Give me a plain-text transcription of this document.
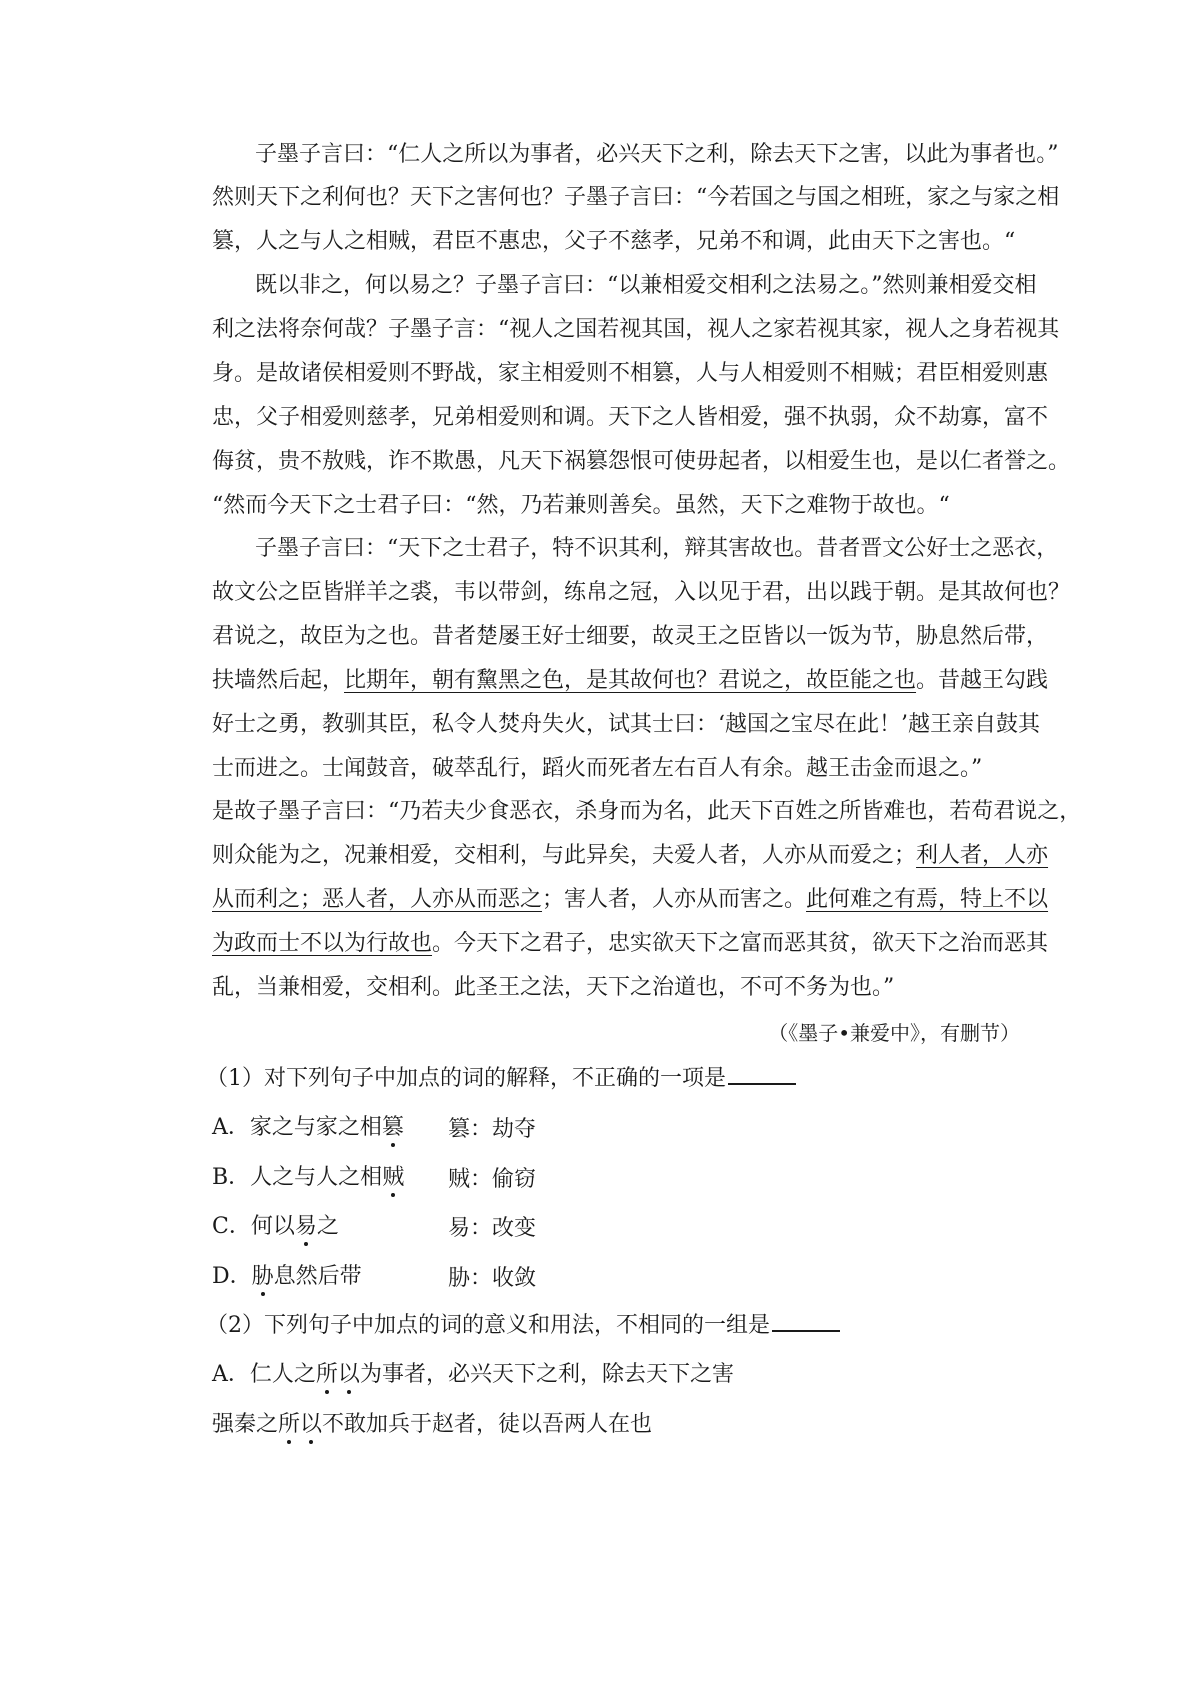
子墨子言曰：“仁人之所以为事者，必兴天下之利，除去天下之害，以此为事者也。”
然则天下之利何也？天下之害何也？子墨子言曰：“今若国之与国之相班，家之与家之相
篡，人之与人之相贼，君臣不惠忠，父子不慈孝，兄弟不和调，此由天下之害也。“
既以非之，何以易之？子墨子言曰：“以兼相爱交相利之法易之。”然则兼相爱交相
利之法将奈何哉？子墨子言：“视人之国若视其国，视人之家若视其家，视人之身若视其
身。是故诸侯相爱则不野战，家主相爱则不相篡，人与人相爱则不相贼；君臣相爱则惠
忠，父子相爱则慈孝，兄弟相爱则和调。天下之人皆相爱，强不执弱，众不劫寡，富不
侮贫，贵不敖贱，诈不欺愚，凡天下祸篡怨恨可使毋起者，以相爱生也，是以仁者誉之。
“然而今天下之士君子曰：“然，乃若兼则善矣。虽然，天下之难物于故也。“
子墨子言曰：“天下之士君子，特不识其利，辩其害故也。昔者晋文公好士之恶衣，
故文公之臣皆牂羊之裘，韦以带剑，练帛之冠，入以见于君，出以践于朝。是其故何也？
君说之，故臣为之也。昔者楚屡王好士细要，故灵王之臣皆以一饭为节，胁息然后带，
扶墙然后起，比期年，朝有黧黑之色，是其故何也？君说之，故臣能之也。昔越王勾践
好士之勇，教驯其臣，私令人焚舟失火，试其士曰：‘越国之宝尽在此！’越王亲自鼓其
士而进之。士闻鼓音，破萃乱行，蹈火而死者左右百人有余。越王击金而退之。”
是故子墨子言曰：“乃若夫少食恶衣，杀身而为名，此天下百姓之所皆难也，若苟君说之，
则众能为之，况兼相爱，交相利，与此异矣，夫爱人者，人亦从而爱之；利人者，人亦
从而利之；恶人者，人亦从而恶之；害人者，人亦从而害之。此何难之有焉，特上不以
为政而士不以为行故也。今天下之君子，忠实欲天下之富而恶其贫，欲天下之治而恶其
乱，当兼相爱，交相利。此圣王之法，天下之治道也，不可不务为也。”
（《墨子•兼爱中》，有删节）
（1）对下列句子中加点的词的解释，不正确的一项是
A．家之与家之相篡 篡：劫夺
B．人之与人之相贼 贼：偷窃
C．何以易之	易：改变
D．胁息然后带	胁：收敛
（2）下列句子中加点的词的意义和用法，不相同的一组是
A．仁人之所以为事者，必兴天下之利，除去天下之害
强秦之所以不敢加兵于赵者，徒以吾两人在也
